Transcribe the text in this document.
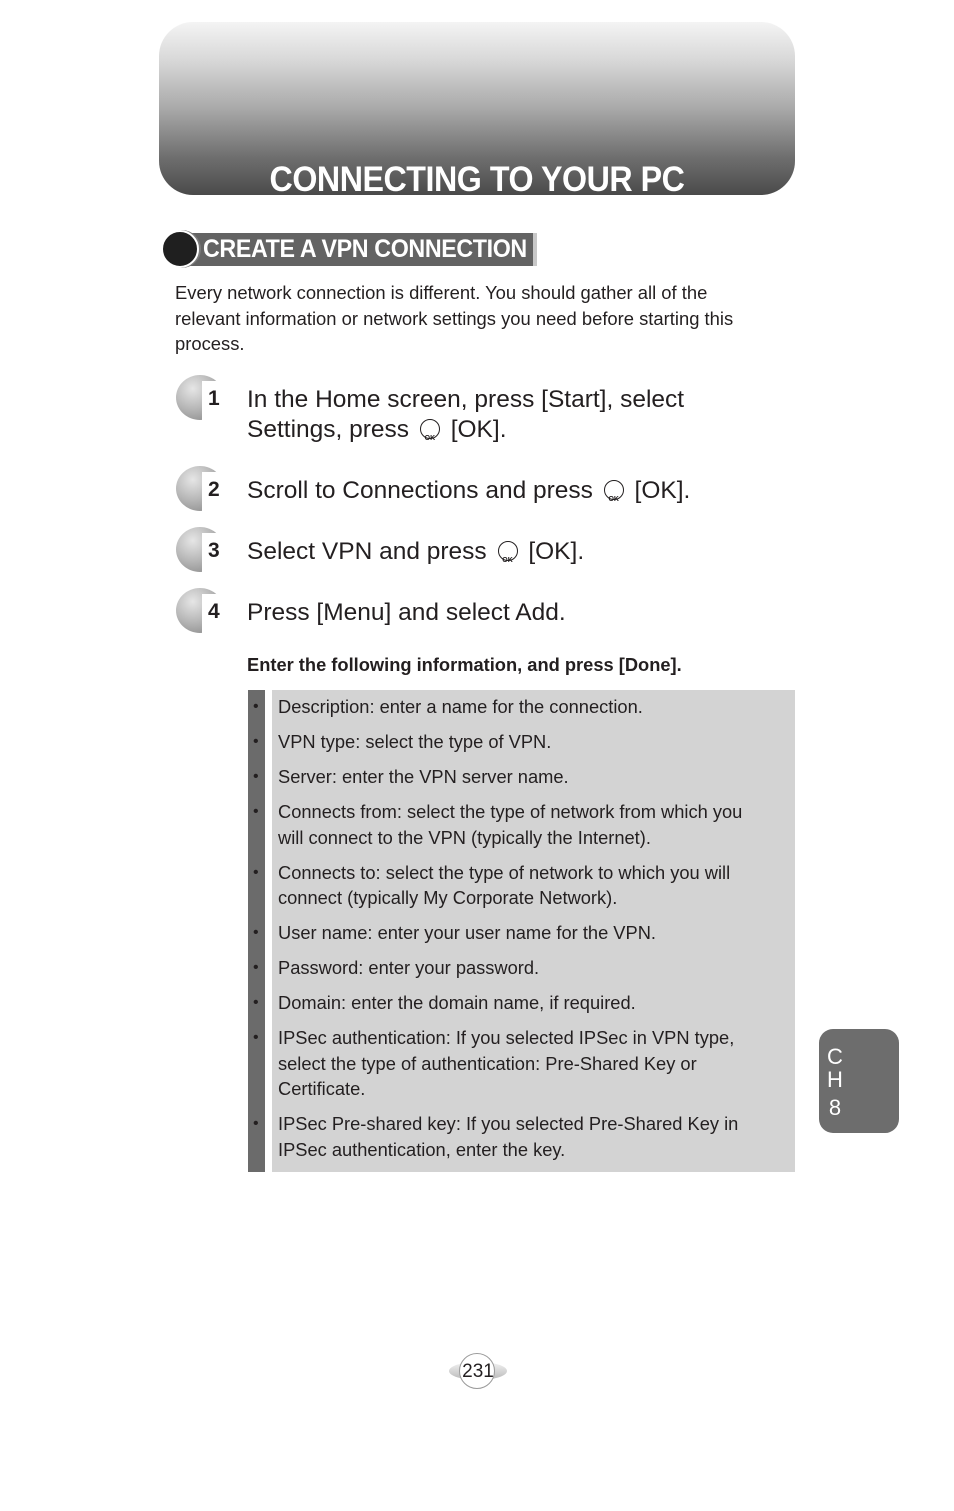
CONNECTING TO YOUR PC
CREATE A VPN CONNECTION
Every network connection is different. You should gather all of the
relevant information or network settings you need before starting this
process.
1 In the Home screen, press [Start], select
Settings, press	OK [OK].
2 Scroll to Connections and press	OK [OK].
3 Select VPN and press	OK [OK].
4 Press [Menu] and select Add.
Enter the following information, and press [Done].
• Description: enter a name for the connection.
• VPN type: select the type of VPN.
• Server: enter the VPN server name.
• Connects from: select the type of network from which you
will connect to the VPN (typically the Internet).
• Connects to: select the type of network to which you will
connect (typically My Corporate Network).
• User name: enter your user name for the VPN.
• Password: enter your password.
• Domain: enter the domain name, if required.
• IPSec authentication: If you selected IPSec in VPN type,
select the type of authentication: Pre-Shared Key or
Certificate.
• IPSec Pre-shared key: If you selected Pre-Shared Key in
IPSec authentication, enter the key.
C
H
8
231
